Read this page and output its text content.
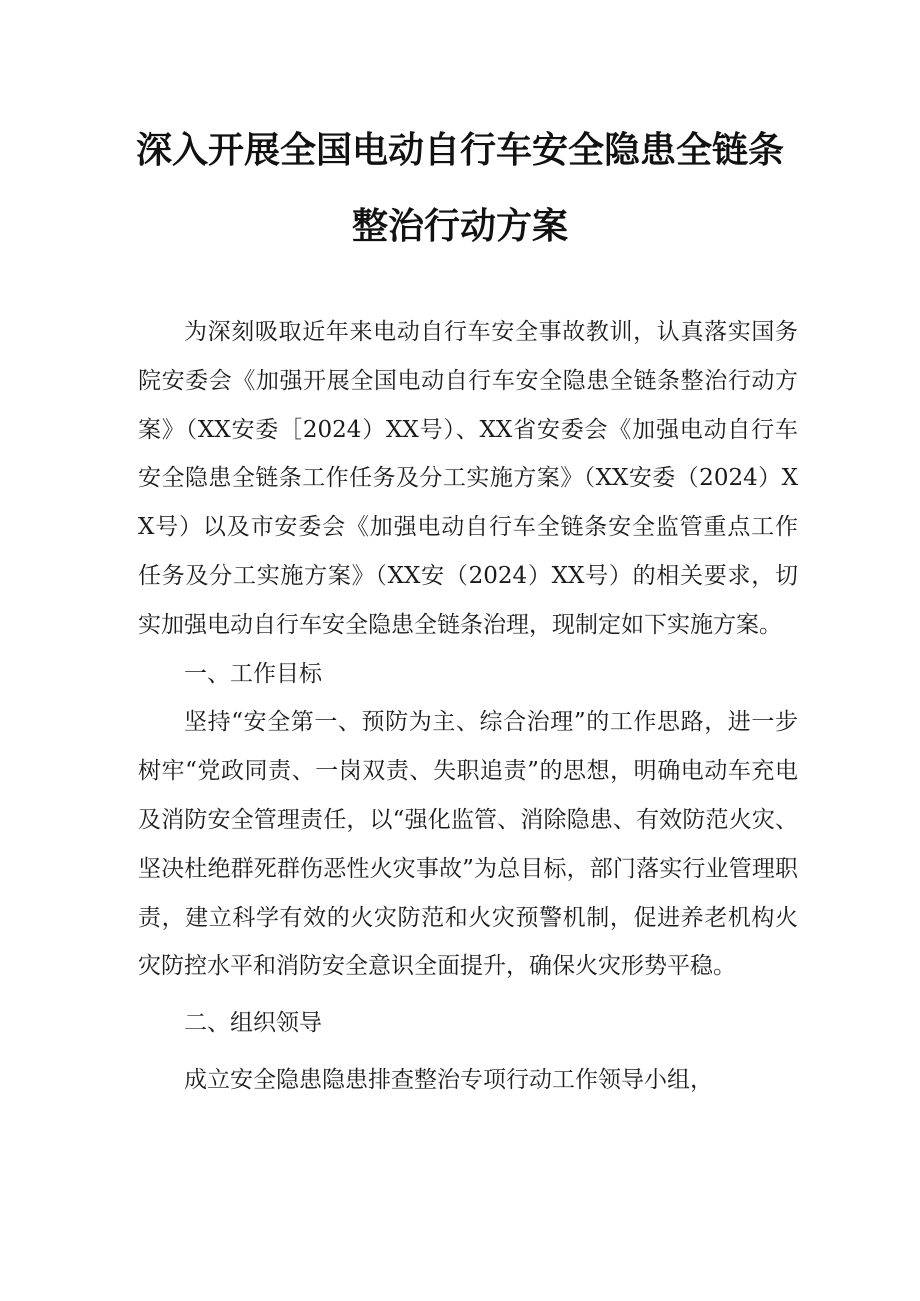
深入开展全国电动自行车安全隐患全链条
整治行动方案

为深刻吸取近年来电动自行车安全事故教训，认真落实国务院安委会《加强开展全国电动自行车安全隐患全链条整治行动方案》（XX安委［2024）XX号）、XX省安委会《加强电动自行车安全隐患全链条工作任务及分工实施方案》（XX安委（2024）XX号）以及市安委会《加强电动自行车全链条安全监管重点工作任务及分工实施方案》（XX安（2024）XX号）的相关要求，切实加强电动自行车安全隐患全链条治理，现制定如下实施方案。

一、工作目标

坚持“安全第一、预防为主、综合治理”的工作思路，进一步树牢“党政同责、一岗双责、失职追责”的思想，明确电动车充电及消防安全管理责任，以“强化监管、消除隐患、有效防范火灾、坚决杜绝群死群伤恶性火灾事故”为总目标，部门落实行业管理职责，建立科学有效的火灾防范和火灾预警机制，促进养老机构火灾防控水平和消防安全意识全面提升，确保火灾形势平稳。

二、组织领导

成立安全隐患隐患排查整治专项行动工作领导小组，
